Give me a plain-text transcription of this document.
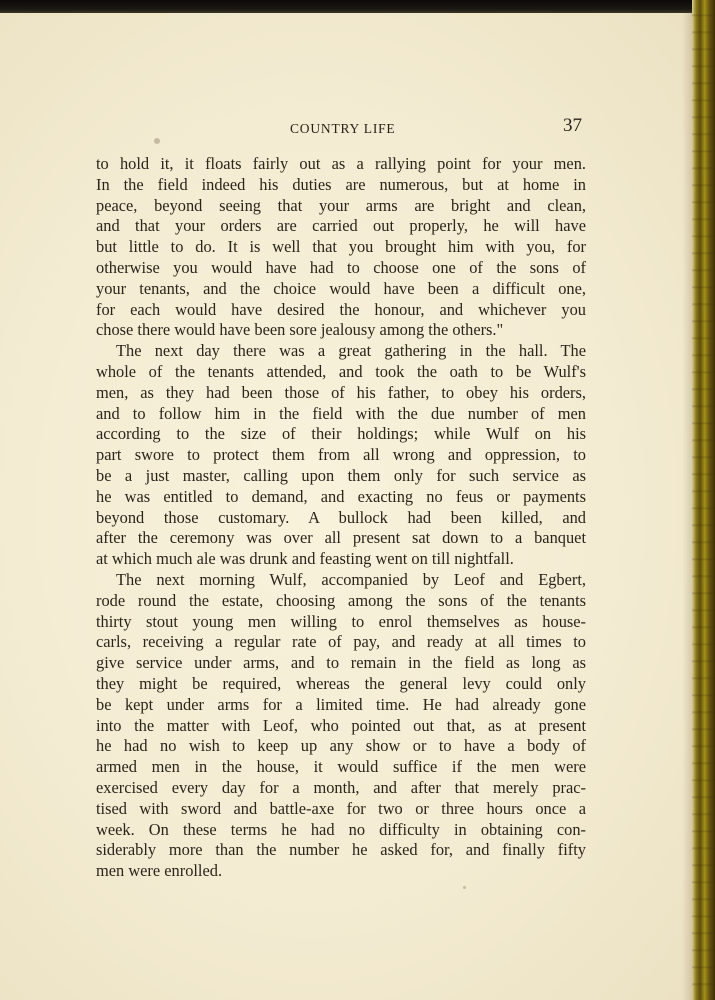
COUNTRY LIFE	37
to hold it, it floats fairly out as a rallying point for your men.
In the field indeed his duties are numerous, but at home in
peace, beyond seeing that your arms are bright and clean,
and that your orders are carried out properly, he will have
but little to do. It is well that you brought him with you, for
otherwise you would have had to choose one of the sons of
your tenants, and the choice would have been a difficult one,
for each would have desired the honour, and whichever you
chose there would have been sore jealousy among the others."
The next day there was a great gathering in the hall. The
whole of the tenants attended, and took the oath to be Wulf's
men, as they had been those of his father, to obey his orders,
and to follow him in the field with the due number of men
according to the size of their holdings; while Wulf on his
part swore to protect them from all wrong and oppression, to
be a just master, calling upon them only for such service as
he was entitled to demand, and exacting no feus or payments
beyond those customary. A bullock had been killed, and
after the ceremony was over all present sat down to a banquet
at which much ale was drunk and feasting went on till nightfall.
The next morning Wulf, accompanied by Leof and Egbert,
rode round the estate, choosing among the sons of the tenants
thirty stout young men willing to enrol themselves as house-
carls, receiving a regular rate of pay, and ready at all times to
give service under arms, and to remain in the field as long as
they might be required, whereas the general levy could only
be kept under arms for a limited time. He had already gone
into the matter with Leof, who pointed out that, as at present
he had no wish to keep up any show or to have a body of
armed men in the house, it would suffice if the men were
exercised every day for a month, and after that merely prac-
tised with sword and battle-axe for two or three hours once a
week. On these terms he had no difficulty in obtaining con-
siderably more than the number he asked for, and finally fifty
men were enrolled.
